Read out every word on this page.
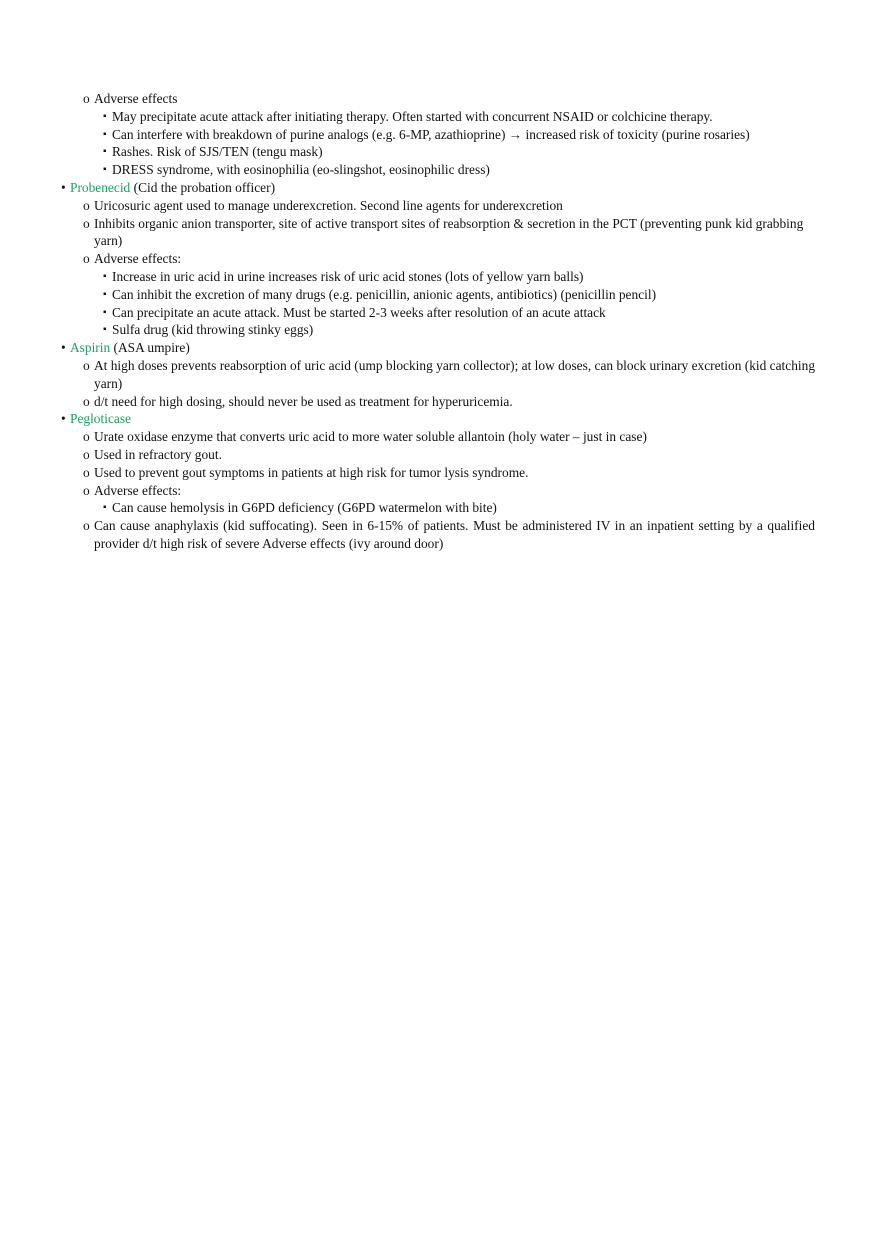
o Adverse effects
▪ May precipitate acute attack after initiating therapy. Often started with concurrent NSAID or colchicine therapy.
▪ Can interfere with breakdown of purine analogs (e.g. 6-MP, azathioprine) → increased risk of toxicity (purine rosaries)
▪ Rashes. Risk of SJS/TEN (tengu mask)
▪ DRESS syndrome, with eosinophilia (eo-slingshot, eosinophilic dress)
• Probenecid (Cid the probation officer)
o Uricosuric agent used to manage underexcretion. Second line agents for underexcretion
o Inhibits organic anion transporter, site of active transport sites of reabsorption & secretion in the PCT (preventing punk kid grabbing yarn)
o Adverse effects:
▪ Increase in uric acid in urine increases risk of uric acid stones (lots of yellow yarn balls)
▪ Can inhibit the excretion of many drugs (e.g. penicillin, anionic agents, antibiotics) (penicillin pencil)
▪ Can precipitate an acute attack. Must be started 2-3 weeks after resolution of an acute attack
▪ Sulfa drug (kid throwing stinky eggs)
• Aspirin (ASA umpire)
o At high doses prevents reabsorption of uric acid (ump blocking yarn collector); at low doses, can block urinary excretion (kid catching yarn)
o d/t need for high dosing, should never be used as treatment for hyperuricemia.
• Pegloticase
o Urate oxidase enzyme that converts uric acid to more water soluble allantoin (holy water – just in case)
o Used in refractory gout.
o Used to prevent gout symptoms in patients at high risk for tumor lysis syndrome.
o Adverse effects:
▪ Can cause hemolysis in G6PD deficiency (G6PD watermelon with bite)
o Can cause anaphylaxis (kid suffocating). Seen in 6-15% of patients. Must be administered IV in an inpatient setting by a qualified provider d/t high risk of severe Adverse effects (ivy around door)
